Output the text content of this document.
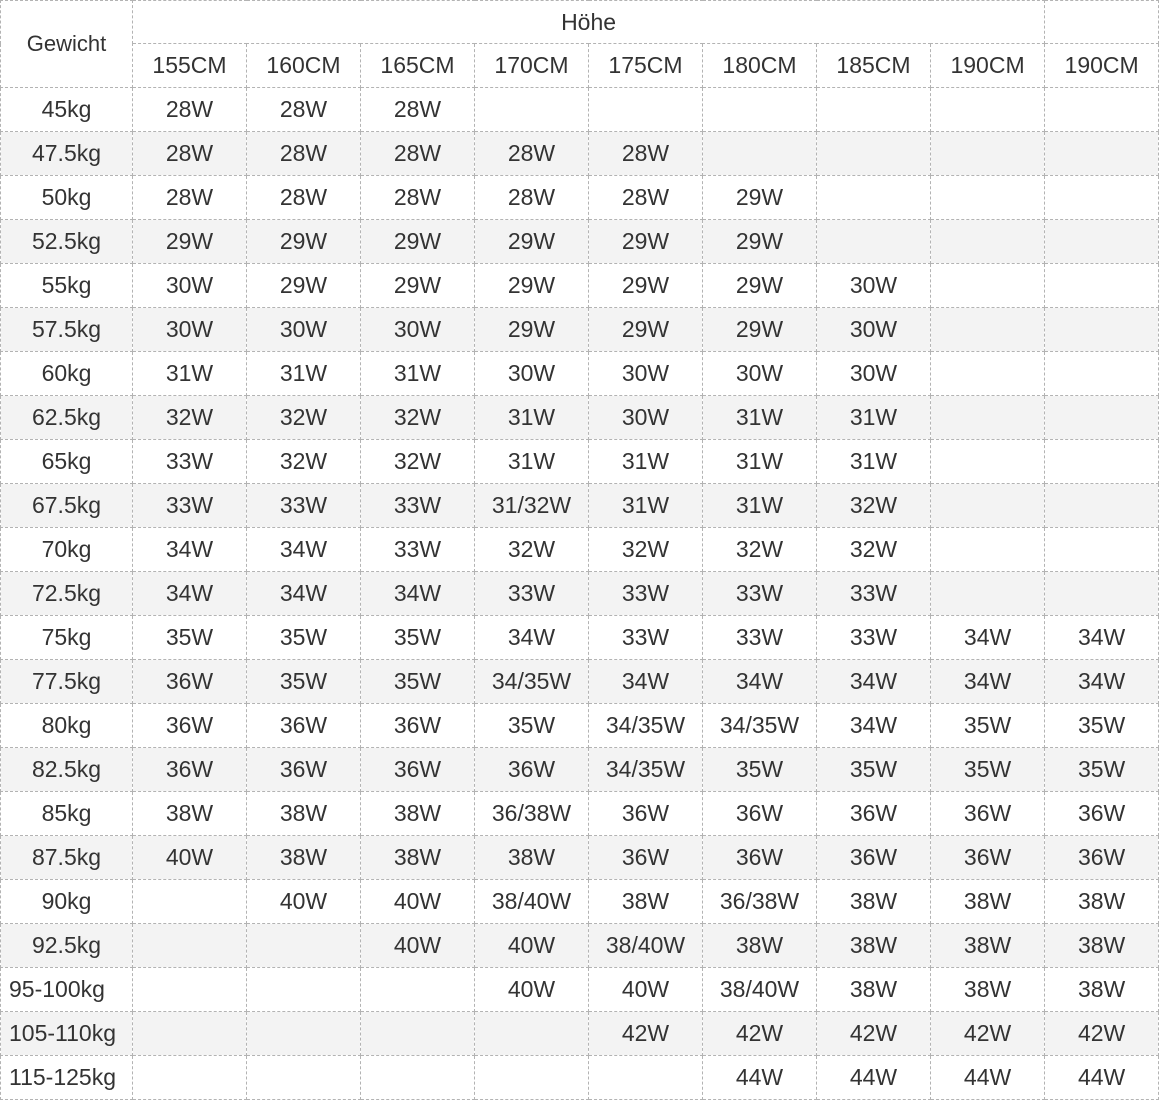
Gewicht	Höhe								
	155CM	160CM	165CM	170CM	175CM	180CM	185CM	190CM	190CM
45kg	28W	28W	28W						
47.5kg	28W	28W	28W	28W	28W				
50kg	28W	28W	28W	28W	28W	29W			
52.5kg	29W	29W	29W	29W	29W	29W			
55kg	30W	29W	29W	29W	29W	29W	30W		
57.5kg	30W	30W	30W	29W	29W	29W	30W		
60kg	31W	31W	31W	30W	30W	30W	30W		
62.5kg	32W	32W	32W	31W	30W	31W	31W		
65kg	33W	32W	32W	31W	31W	31W	31W		
67.5kg	33W	33W	33W	31/32W	31W	31W	32W		
70kg	34W	34W	33W	32W	32W	32W	32W		
72.5kg	34W	34W	34W	33W	33W	33W	33W		
75kg	35W	35W	35W	34W	33W	33W	33W	34W	34W
77.5kg	36W	35W	35W	34/35W	34W	34W	34W	34W	34W
80kg	36W	36W	36W	35W	34/35W	34/35W	34W	35W	35W
82.5kg	36W	36W	36W	36W	34/35W	35W	35W	35W	35W
85kg	38W	38W	38W	36/38W	36W	36W	36W	36W	36W
87.5kg	40W	38W	38W	38W	36W	36W	36W	36W	36W
90kg		40W	40W	38/40W	38W	36/38W	38W	38W	38W
92.5kg			40W	40W	38/40W	38W	38W	38W	38W
95-100kg				40W	40W	38/40W	38W	38W	38W
105-110kg					42W	42W	42W	42W	42W
115-125kg						44W	44W	44W	44W
